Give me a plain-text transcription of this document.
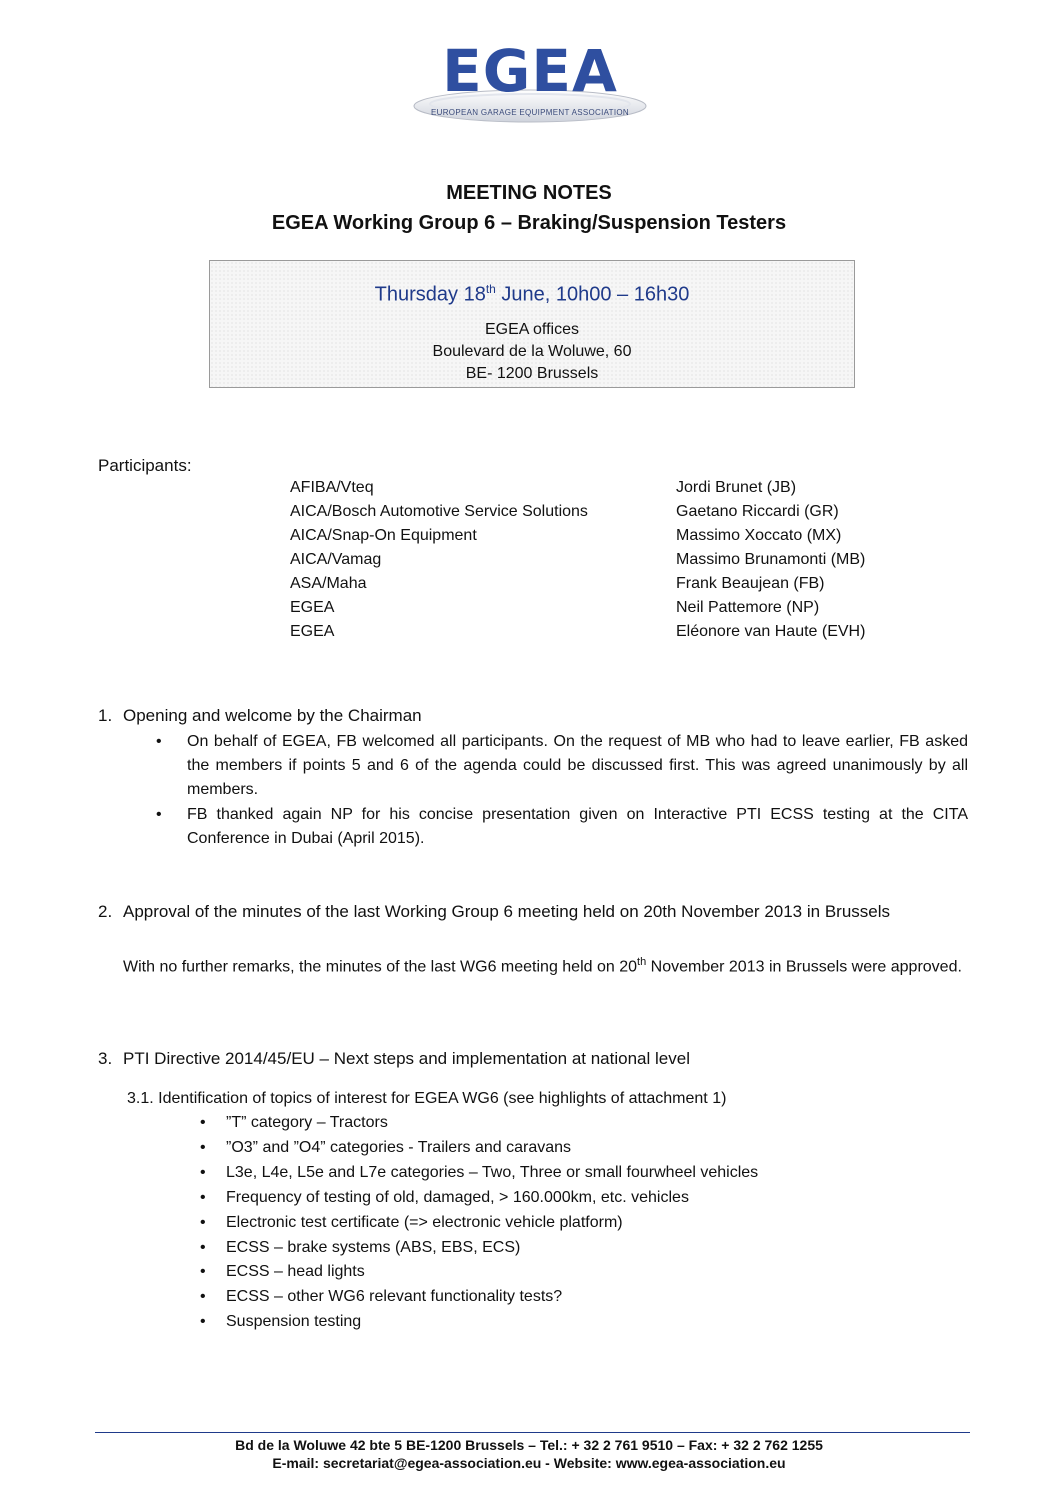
EGEA
EUROPEAN GARAGE EQUIPMENT ASSOCIATION
MEETING NOTES
EGEA Working Group 6 – Braking/Suspension Testers
Thursday 18th June, 10h00 – 16h30
EGEA offices
Boulevard de la Woluwe, 60
BE- 1200 Brussels
Participants:
AFIBA/Vteq	Jordi Brunet (JB)
AICA/Bosch Automotive Service Solutions	Gaetano Riccardi (GR)
AICA/Snap-On Equipment	Massimo Xoccato (MX)
AICA/Vamag	Massimo Brunamonti (MB)
ASA/Maha	Frank Beaujean (FB)
EGEA	Neil Pattemore (NP)
EGEA	Eléonore van Haute (EVH)
1. Opening and welcome by the Chairman
• On behalf of EGEA, FB welcomed all participants. On the request of MB who had to leave earlier, FB asked the members if points 5 and 6 of the agenda could be discussed first. This was agreed unanimously by all members.
• FB thanked again NP for his concise presentation given on Interactive PTI ECSS testing at the CITA Conference in Dubai (April 2015).
2. Approval of the minutes of the last Working Group 6 meeting held on 20th November 2013 in Brussels
With no further remarks, the minutes of the last WG6 meeting held on 20th November 2013 in Brussels were approved.
3. PTI Directive 2014/45/EU – Next steps and implementation at national level
3.1. Identification of topics of interest for EGEA WG6 (see highlights of attachment 1)
• ”T” category – Tractors
• ”O3” and ”O4” categories - Trailers and caravans
• L3e, L4e, L5e and L7e categories – Two, Three or small fourwheel vehicles
• Frequency of testing of old, damaged, > 160.000km, etc. vehicles
• Electronic test certificate (=> electronic vehicle platform)
• ECSS – brake systems (ABS, EBS, ECS)
• ECSS – head lights
• ECSS – other WG6 relevant functionality tests?
• Suspension testing
Bd de la Woluwe 42 bte 5 BE-1200 Brussels – Tel.: + 32 2 761 9510 – Fax: + 32 2 762 1255
E-mail: secretariat@egea-association.eu - Website: www.egea-association.eu
